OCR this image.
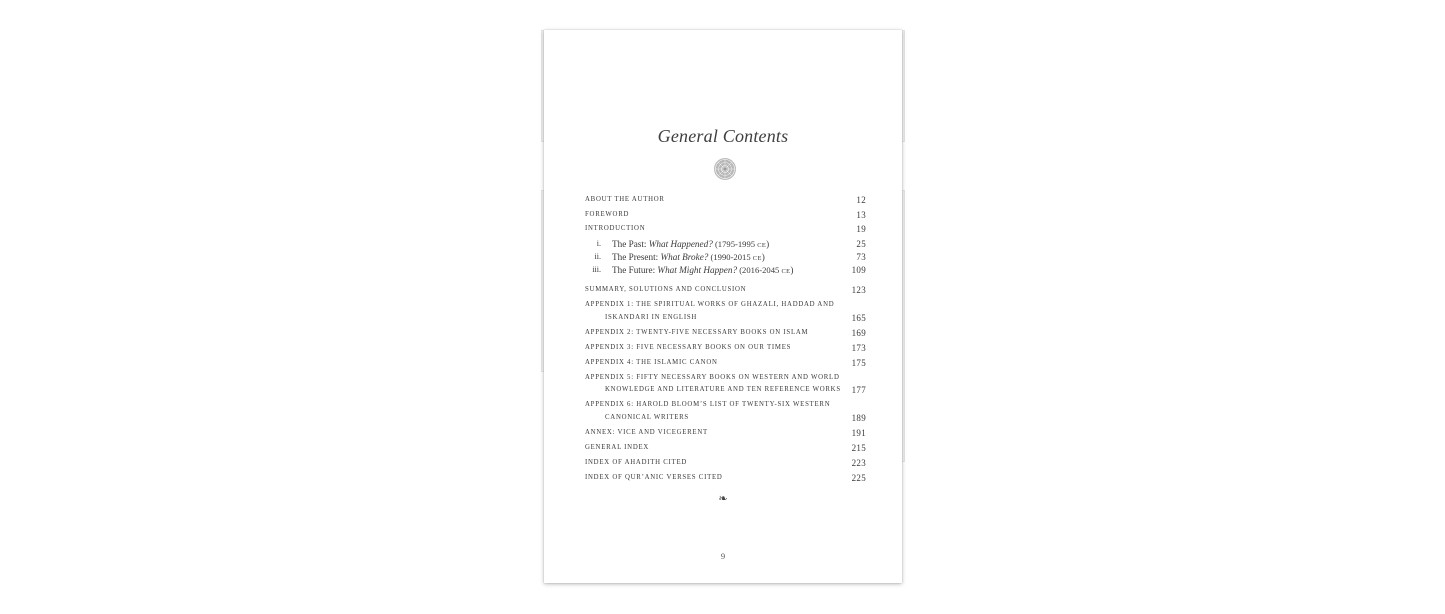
General Contents
ABOUT THE AUTHOR	12
FOREWORD	13
INTRODUCTION	19
i. The Past: What Happened? (1795-1995 CE)	25
ii. The Present: What Broke? (1990-2015 CE)	73
iii. The Future: What Might Happen? (2016-2045 CE)	109
SUMMARY, SOLUTIONS AND CONCLUSION	123
APPENDIX 1: THE SPIRITUAL WORKS OF GHAZALI, HADDAD AND
ISKANDARI IN ENGLISH	165
APPENDIX 2: TWENTY-FIVE NECESSARY BOOKS ON ISLAM	169
APPENDIX 3: FIVE NECESSARY BOOKS ON OUR TIMES	173
APPENDIX 4: THE ISLAMIC CANON	175
APPENDIX 5: FIFTY NECESSARY BOOKS ON WESTERN AND WORLD
KNOWLEDGE AND LITERATURE AND TEN REFERENCE WORKS 177
APPENDIX 6: HAROLD BLOOM’S LIST OF TWENTY-SIX WESTERN
CANONICAL WRITERS	189
ANNEX: VICE AND VICEGERENT	191
GENERAL INDEX	215
INDEX OF AHADITH CITED	223
INDEX OF QUR’ANIC VERSES CITED	225
❧
9
